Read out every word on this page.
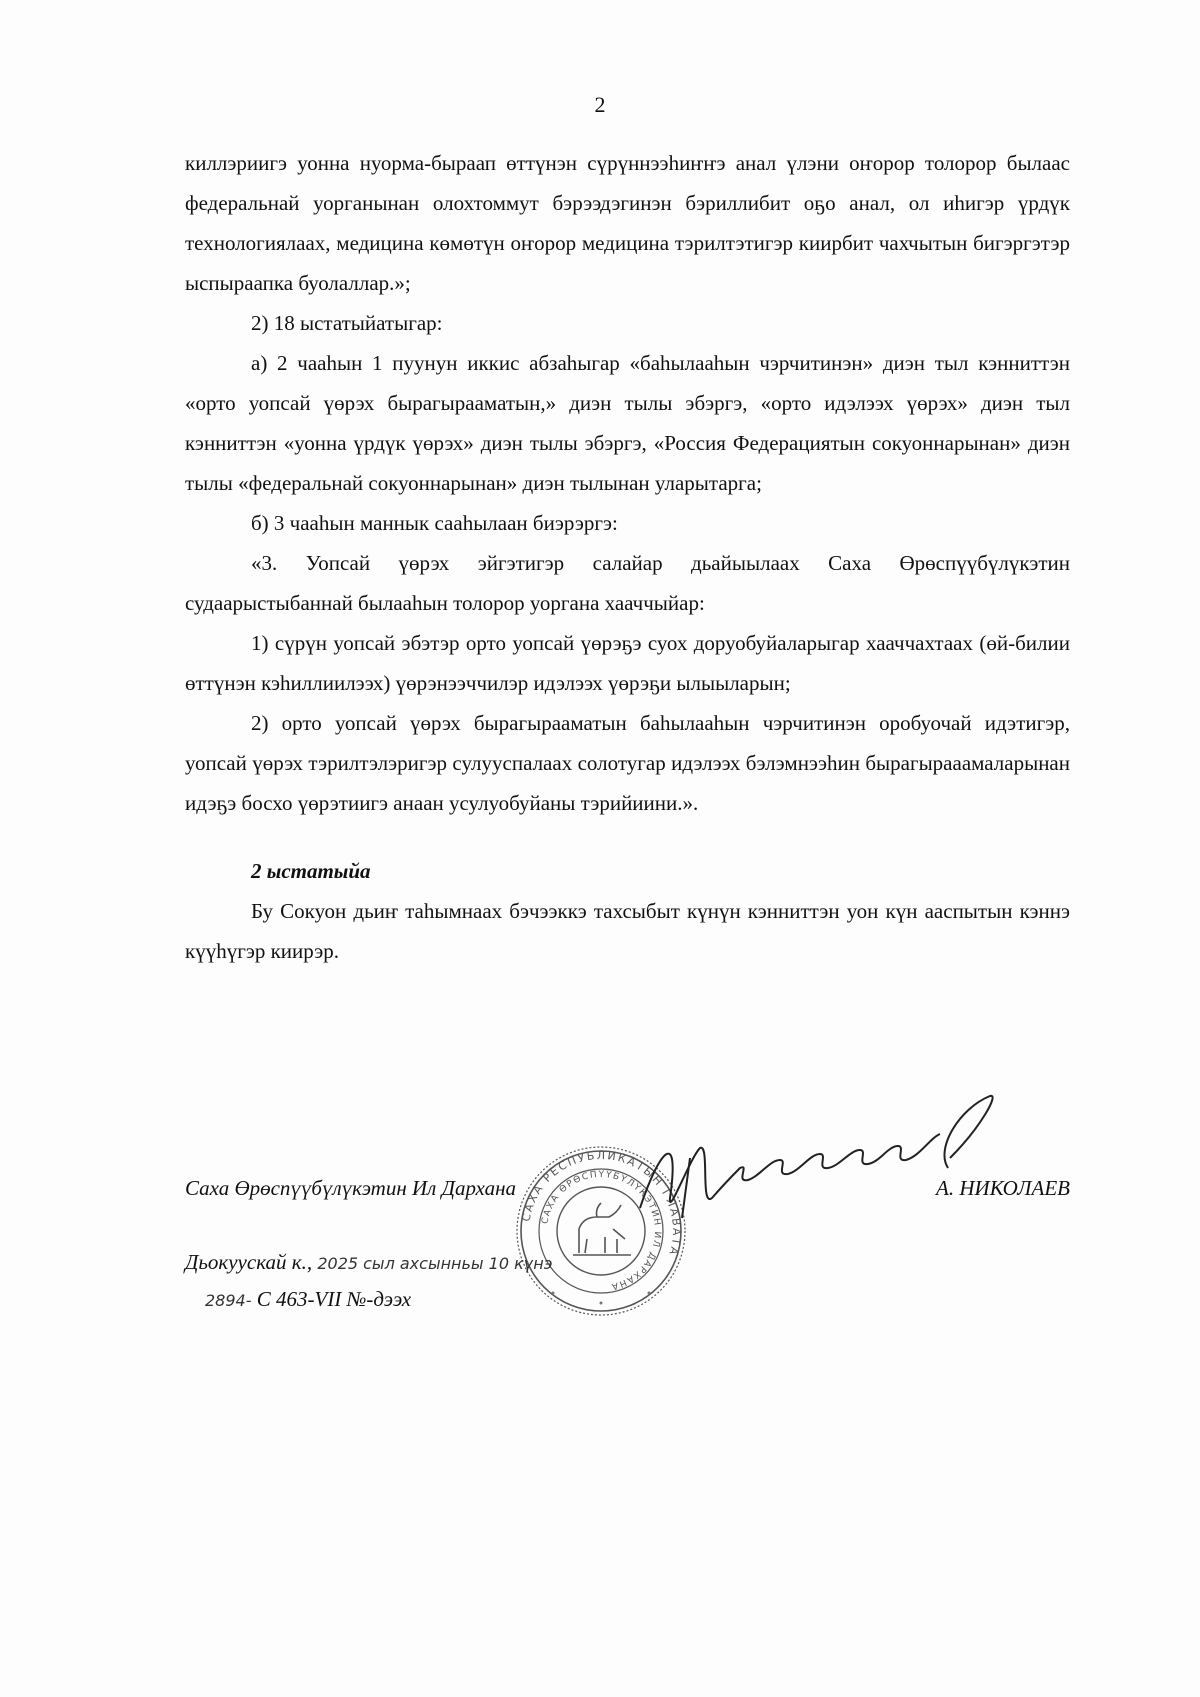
2

киллэриигэ уонна нуорма-быраап өттүнэн сүрүннээһиҥҥэ анал үлэни оҥорор толорор былаас федеральнай уорганынан олохтоммут бэрээдэгинэн бэриллибит оҕо анал, ол иһигэр үрдүк технологиялаах, медицина көмөтүн оҥорор медицина тэрилтэтигэр киирбит чахчытын бигэргэтэр ыспыраапка буолаллар.»;

2) 18 ыстатыйатыгар:

а) 2 чааһын 1 пуунун иккис абзаһыгар «баһылааһын чэрчитинэн» диэн тыл кэнниттэн «орто уопсай үөрэх бырагырааматын,» диэн тылы эбэргэ, «орто идэлээх үөрэх» диэн тыл кэнниттэн «уонна үрдүк үөрэх» диэн тылы эбэргэ, «Россия Федерациятын сокуоннарынан» диэн тылы «федеральнай сокуоннарынан» диэн тылынан уларытарга;

б) 3 чааһын маннык сааһылаан биэрэргэ:

«3. Уопсай үөрэх эйгэтигэр салайар дьайыылаах Саха Өрөспүүбүлүкэтин судаарыстыбаннай былааһын толорор уоргана хааччыйар:

1) сүрүн уопсай эбэтэр орто уопсай үөрэҕэ суох доруобуйаларыгар хааччахтаах (өй-билии өттүнэн кэһиллиилээх) үөрэнээччилэр идэлээх үөрэҕи ылыыларын;

2) орто уопсай үөрэх бырагырааматын баһылааһын чэрчитинэн оробуочай идэтигэр, уопсай үөрэх тэрилтэлэригэр сулууспалаах солотугар идэлээх бэлэмнээһин бырагырааамаларынан идэҕэ босхо үөрэтиигэ анаан усулуобуйаны тэрийиини.».

2 ыстатыйа

Бу Сокуон дьиҥ таһымнаах бэчээккэ тахсыбыт күнүн кэнниттэн уон күн ааспытын кэннэ күүһүгэр киирэр.

САХА РЕСПУБЛИКАТЫН ГЛАВАТА
САХА ӨРӨСПҮҮБҮЛҮКЭТИН ИЛ ДАРХАНА
Саха Өрөспүүбүлүкэтин Ил Дархана	А. НИКОЛАЕВ
Дьокуускай к., 2025 сыл ахсынньы 10 күнэ
2894- С 463-VII №-дээх
